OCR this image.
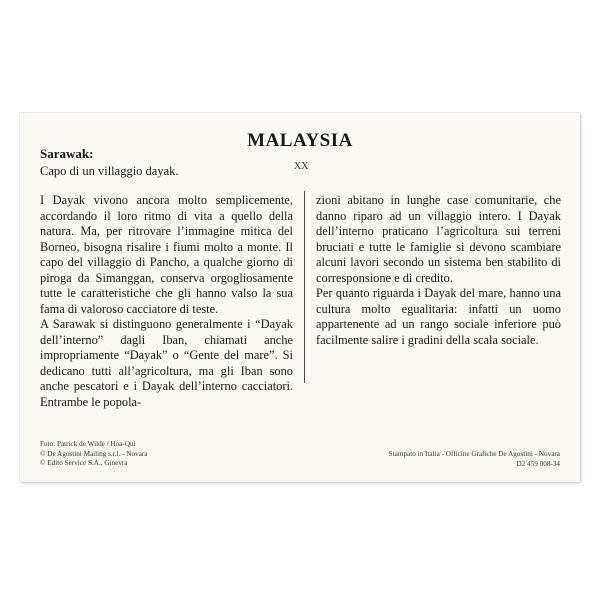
MALAYSIA
XX
Sarawak:
Capo di un villaggio dayak.

I Dayak vivono ancora molto semplicemente, accordando il loro ritmo di vita a quello della natura. Ma, per ritrovare l’immagine mitica del Borneo, bisogna risalire i fiumi molto a monte. Il capo del villaggio di Pancho, a qualche giorno di piroga da Simanggan, conserva orgogliosamente tutte le caratteristiche che gli hanno valso la sua fama di valoroso cacciatore di teste.

A Sarawak si distinguono generalmente i “Dayak dell’interno” dagli Iban, chiamati anche impropriamente “Dayak” o “Gente del mare”. Si dedicano tutti all’agricoltura, ma gli Iban sono anche pescatori e i Dayak dell’interno cacciatori. Entrambe le popola-

zioni abitano in lunghe case comunitarie, che danno riparo ad un villaggio intero. I Dayak dell’interno praticano l’agricoltura sui terreni bruciati e tutte le famiglie si devono scambiare alcuni lavori secondo un sistema ben stabilito di corresponsione e di credito.

Per quanto riguarda i Dayak del mare, hanno una cultura molto egualitaria: infatti un uomo appartenente ad un rango sociale inferiore può facilmente salire i gradini della scala sociale.

Foto: Patrick de Wilde / Hoa-Qui
© De Agostini Mailing s.r.l. - Novara
© Edito Service S.A., Ginevra
Stampato in Italia - Officine Grafiche De Agostini - Novara
D2 459 008-34
